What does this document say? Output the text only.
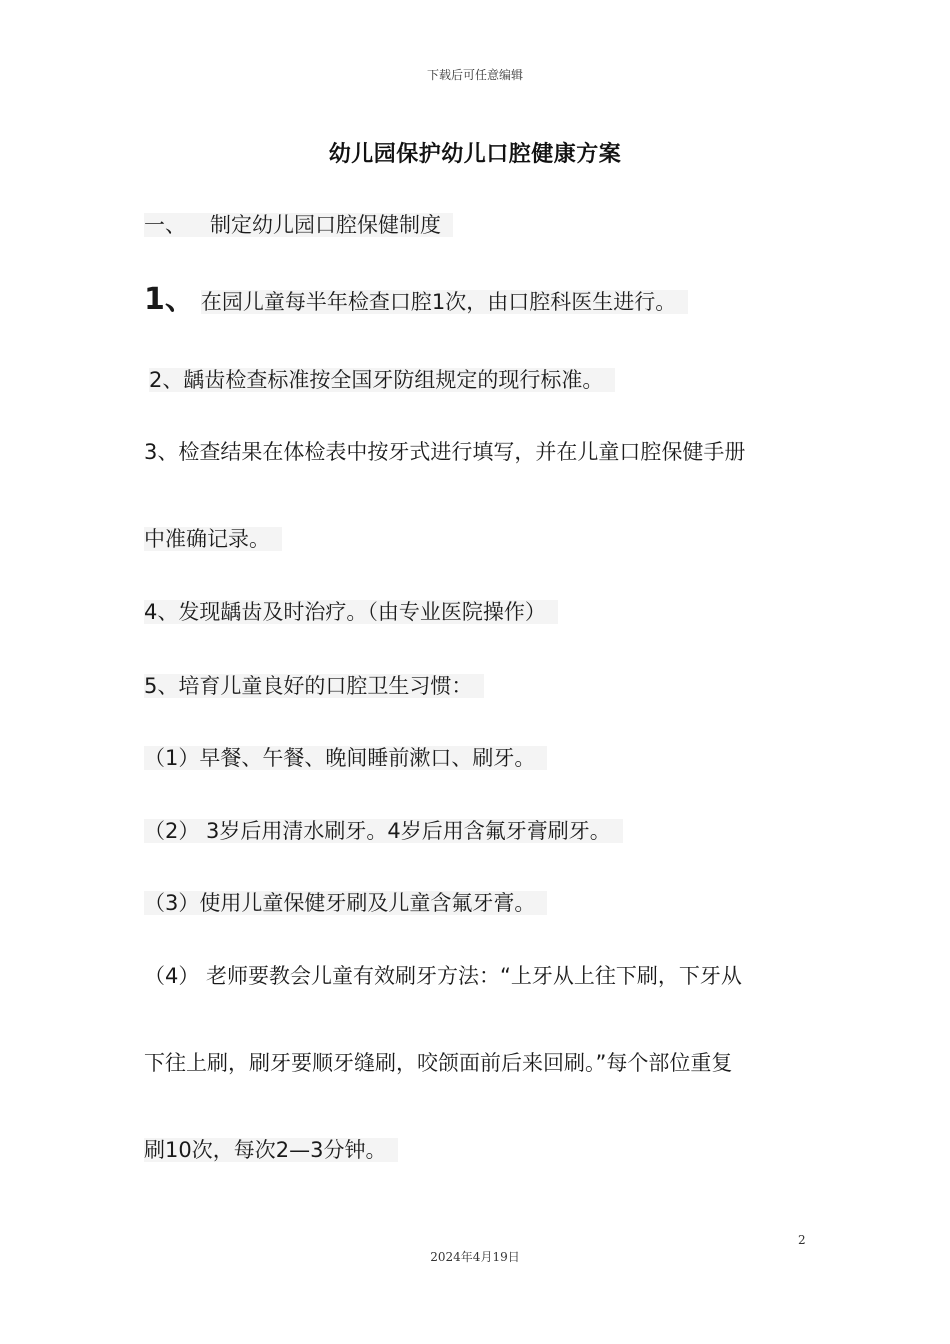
下载后可任意编辑
幼儿园保护幼儿口腔健康方案
一、 制定幼儿园口腔保健制度
1、 在园儿童每半年检查口腔1次，由口腔科医生进行。
2、龋齿检查标准按全国牙防组规定的现行标准。
3、检查结果在体检表中按牙式进行填写，并在儿童口腔保健手册
中准确记录。
4、发现龋齿及时治疗。（由专业医院操作）
5、培育儿童良好的口腔卫生习惯：
（1）早餐、午餐、晚间睡前漱口、刷牙。
（2） 3岁后用清水刷牙。4岁后用含氟牙膏刷牙。
（3）使用儿童保健牙刷及儿童含氟牙膏。
（4） 老师要教会儿童有效刷牙方法：“上牙从上往下刷，下牙从
下往上刷，刷牙要顺牙缝刷，咬颌面前后来回刷。”每个部位重复
刷10次，每次2—3分钟。
2
2024年4月19日
